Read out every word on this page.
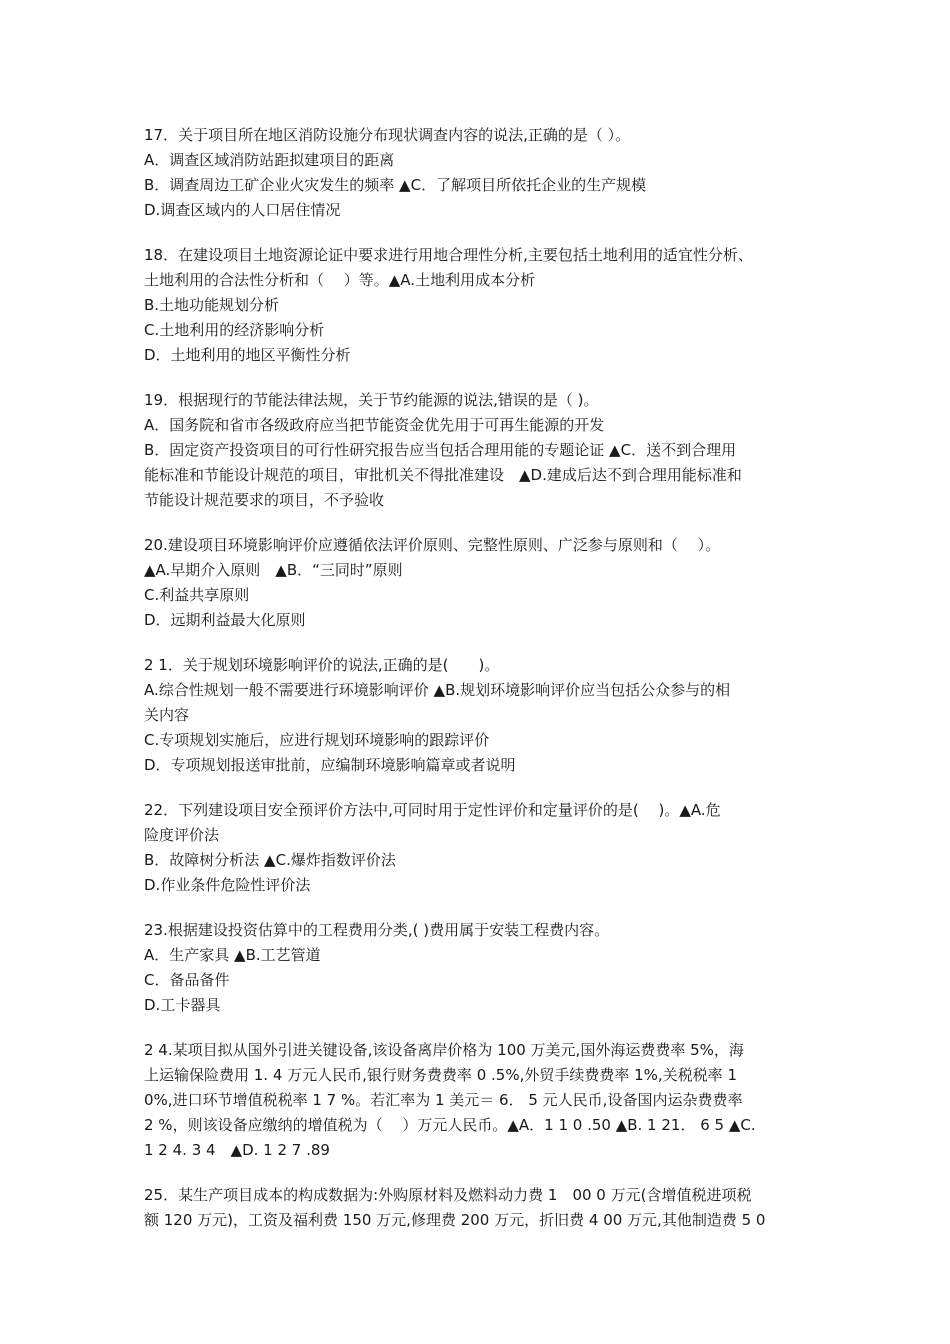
17．关于项目所在地区消防设施分布现状调查内容的说法,正确的是（ ）。
A．调查区域消防站距拟建项目的距离
B．调查周边工矿企业火灾发生的频率 ▲C．了解项目所依托企业的生产规模
D.调查区域内的人口居住情况
18．在建设项目土地资源论证中要求进行用地合理性分析,主要包括土地利用的适宜性分析、
土地利用的合法性分析和（　 ）等。▲A.土地利用成本分析
B.土地功能规划分析
C.土地利用的经济影响分析
D．土地利用的地区平衡性分析
19．根据现行的节能法律法规，关于节约能源的说法,错误的是（ )。
A．国务院和省市各级政府应当把节能资金优先用于可再生能源的开发
B．固定资产投资项目的可行性研究报告应当包括合理用能的专题论证 ▲C．送不到合理用
能标准和节能设计规范的项目，审批机关不得批准建设　▲D.建成后达不到合理用能标准和
节能设计规范要求的项目，不予验收
20.建设项目环境影响评价应遵循依法评价原则、完整性原则、广泛参与原则和（　 ）。
▲A.早期介入原则　▲B．“三同时”原则
C.利益共享原则
D．远期利益最大化原则
2 1．关于规划环境影响评价的说法,正确的是(　　)。
A.综合性规划一般不需要进行环境影响评价 ▲B.规划环境影响评价应当包括公众参与的相
关内容
C.专项规划实施后，应进行规划环境影响的跟踪评价
D．专项规划报送审批前，应编制环境影响篇章或者说明
22．下列建设项目安全预评价方法中,可同时用于定性评价和定量评价的是(　 )。▲A.危
险度评价法
B．故障树分析法 ▲C.爆炸指数评价法
D.作业条件危险性评价法
23.根据建设投资估算中的工程费用分类,( )费用属于安装工程费内容。
A．生产家具 ▲B.工艺管道
C．备品备件
D.工卡器具
2 4.某项目拟从国外引进关键设备,该设备离岸价格为 100 万美元,国外海运费费率 5%，海
上运输保险费用 1. 4 万元人民币,银行财务费费率 0 .5%,外贸手续费费率 1%,关税税率 1
0%,进口环节增值税税率 1 7 %。若汇率为 1 美元＝ 6． 5 元人民币,设备国内运杂费费率
2 %，则该设备应缴纳的增值税为（　 ）万元人民币。▲A．1 1 0 .50 ▲B. 1 21． 6 5 ▲C.
1 2 4. 3 4　▲D. 1 2 7 .89
25．某生产项目成本的构成数据为:外购原材料及燃料动力费 1　00 0 万元(含增值税进项税
额 120 万元)，工资及福利费 150 万元,修理费 200 万元，折旧费 4 00 万元,其他制造费 5 0
